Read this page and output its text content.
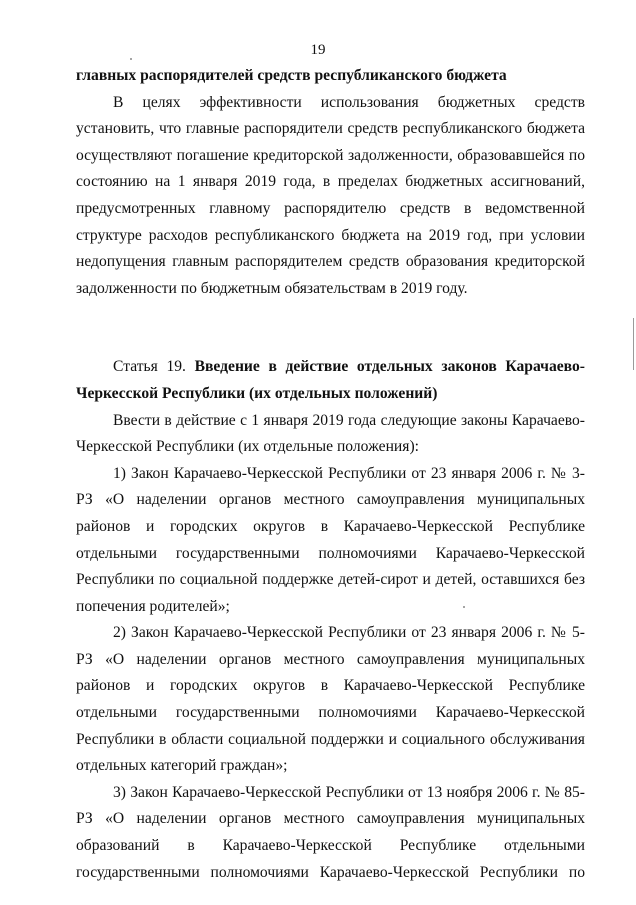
19

главных распорядителей средств республиканского бюджета

В целях эффективности использования бюджетных средств установить, что главные распорядители средств республиканского бюджета осуществляют погашение кредиторской задолженности, образовавшейся по состоянию на 1 января 2019 года, в пределах бюджетных ассигнований, предусмотренных главному распорядителю средств в ведомственной структуре расходов республиканского бюджета на 2019 год, при условии недопущения главным распорядителем средств образования кредиторской задолженности по бюджетным обязательствам в 2019 году.

Статья 19. Введение в действие отдельных законов Карачаево-Черкесской Республики (их отдельных положений)

Ввести в действие с 1 января 2019 года следующие законы Карачаево-Черкесской Республики (их отдельные положения):

1) Закон Карачаево-Черкесской Республики от 23 января 2006 г. № 3-РЗ «О наделении органов местного самоуправления муниципальных районов и городских округов в Карачаево-Черкесской Республике отдельными государственными полномочиями Карачаево-Черкесской Республики по социальной поддержке детей-сирот и детей, оставшихся без попечения родителей»;

2) Закон Карачаево-Черкесской Республики от 23 января 2006 г. № 5-РЗ «О наделении органов местного самоуправления муниципальных районов и городских округов в Карачаево-Черкесской Республике отдельными государственными полномочиями Карачаево-Черкесской Республики в области социальной поддержки и социального обслуживания отдельных категорий граждан»;

3) Закон Карачаево-Черкесской Республики от 13 ноября 2006 г. № 85-РЗ «О наделении органов местного самоуправления муниципальных образований в Карачаево-Черкесской Республике отдельными государственными полномочиями Карачаево-Черкесской Республики по
